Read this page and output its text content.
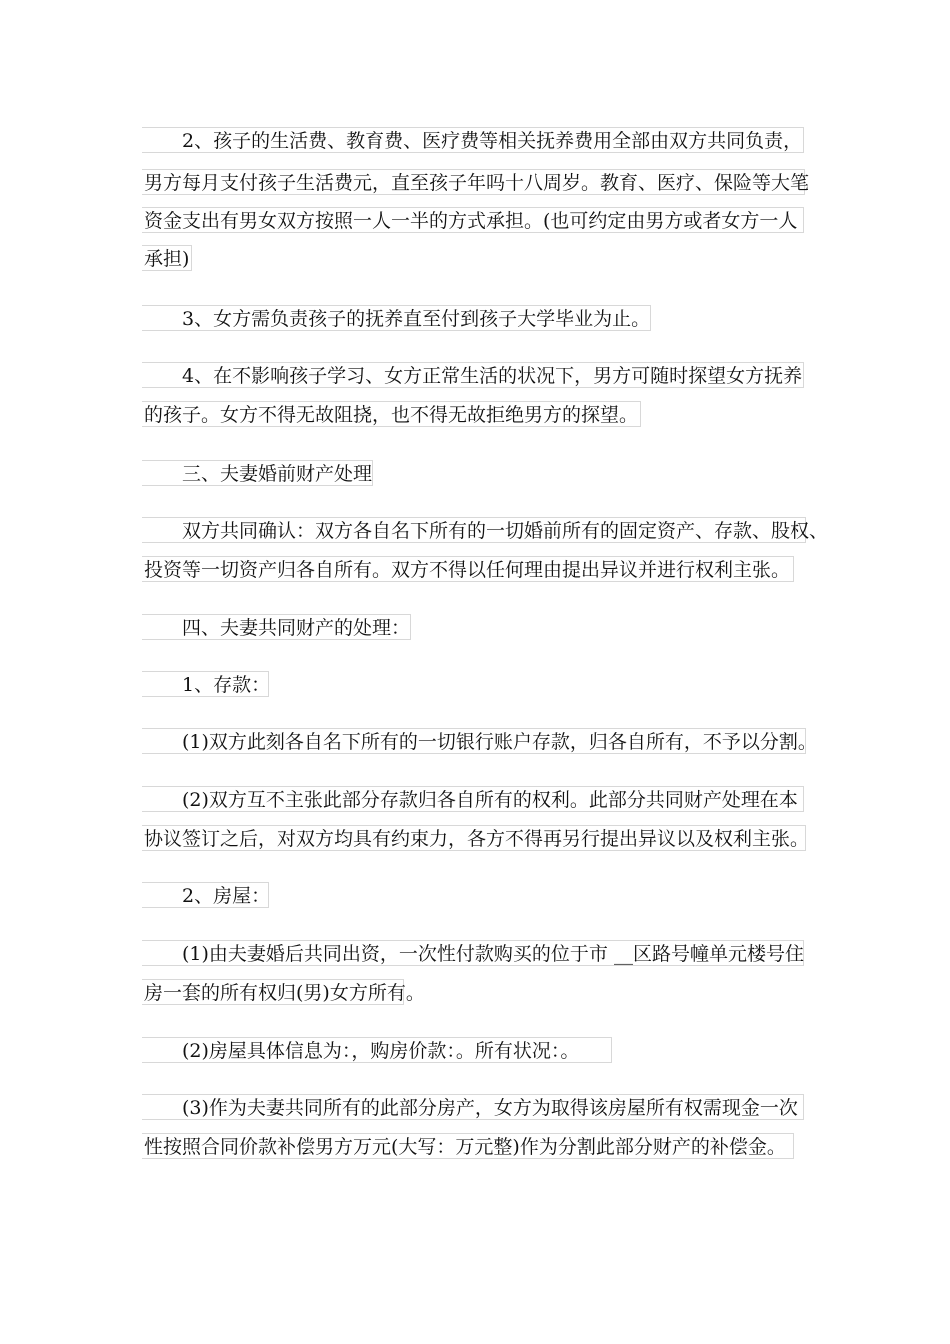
2、孩子的生活费、教育费、医疗费等相关抚养费用全部由双方共同负责，
男方每月支付孩子生活费元，直至孩子年吗十八周岁。教育、医疗、保险等大笔
资金支出有男女双方按照一人一半的方式承担。(也可约定由男方或者女方一人
承担)
3、女方需负责孩子的抚养直至付到孩子大学毕业为止。
4、在不影响孩子学习、女方正常生活的状况下，男方可随时探望女方抚养
的孩子。女方不得无故阻挠，也不得无故拒绝男方的探望。
三、夫妻婚前财产处理
双方共同确认：双方各自名下所有的一切婚前所有的固定资产、存款、股权、
投资等一切资产归各自所有。双方不得以任何理由提出异议并进行权利主张。
四、夫妻共同财产的处理：
1、存款：
(1)双方此刻各自名下所有的一切银行账户存款，归各自所有，不予以分割。
(2)双方互不主张此部分存款归各自所有的权利。此部分共同财产处理在本
协议签订之后，对双方均具有约束力，各方不得再另行提出异议以及权利主张。
2、房屋：
(1)由夫妻婚后共同出资，一次性付款购买的位于市 __区路号幢单元楼号住
房一套的所有权归(男)女方所有。
(2)房屋具体信息为：，购房价款：。所有状况：。
(3)作为夫妻共同所有的此部分房产，女方为取得该房屋所有权需现金一次
性按照合同价款补偿男方万元(大写：万元整)作为分割此部分财产的补偿金。
